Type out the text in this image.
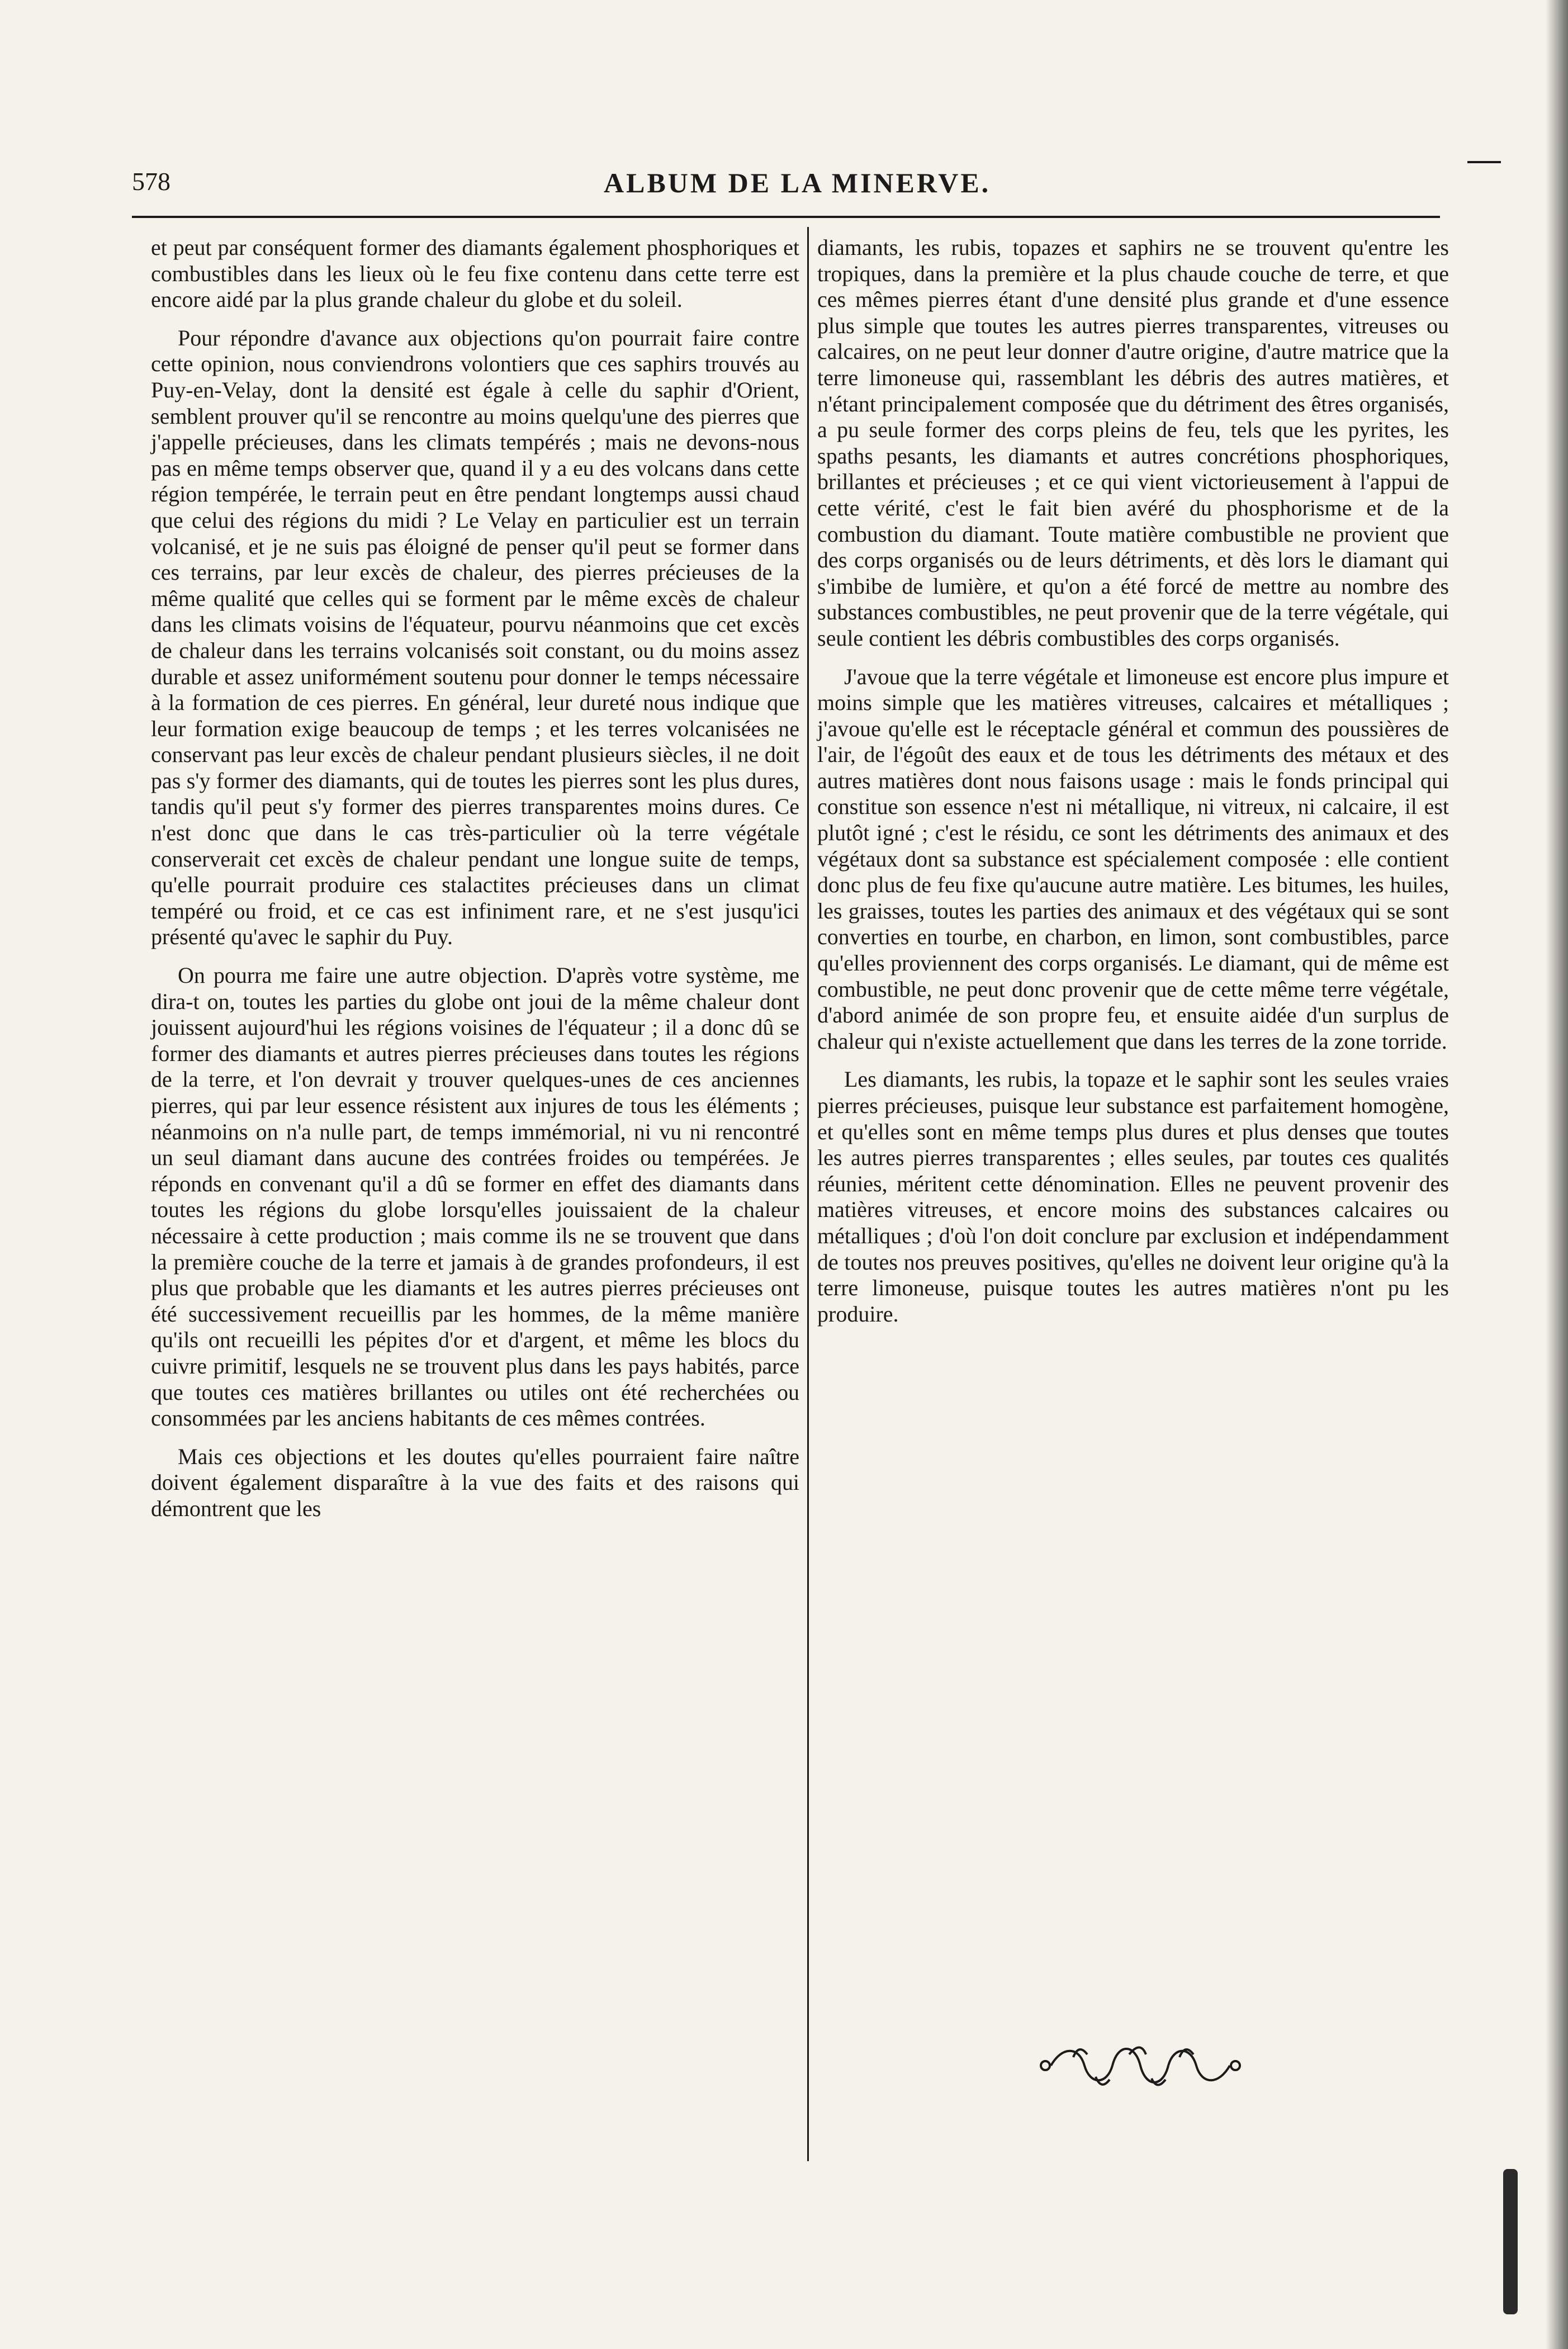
578	ALBUM DE LA MINERVE.

et peut par conséquent former des diamants également phosphoriques et combustibles dans les lieux où le feu fixe contenu dans cette terre est encore aidé par la plus grande chaleur du globe et du soleil.

Pour répondre d'avance aux objections qu'on pourrait faire contre cette opinion, nous conviendrons volontiers que ces saphirs trouvés au Puy-en-Velay, dont la densité est égale à celle du saphir d'Orient, semblent prouver qu'il se rencontre au moins quelqu'une des pierres que j'appelle précieuses, dans les climats tempérés ; mais ne devons-nous pas en même temps observer que, quand il y a eu des volcans dans cette région tempérée, le terrain peut en être pendant longtemps aussi chaud que celui des régions du midi ? Le Velay en particulier est un terrain volcanisé, et je ne suis pas éloigné de penser qu'il peut se former dans ces terrains, par leur excès de chaleur, des pierres précieuses de la même qualité que celles qui se forment par le même excès de chaleur dans les climats voisins de l'équateur, pourvu néanmoins que cet excès de chaleur dans les terrains volcanisés soit constant, ou du moins assez durable et assez uniformément soutenu pour donner le temps nécessaire à la formation de ces pierres. En général, leur dureté nous indique que leur formation exige beaucoup de temps ; et les terres volcanisées ne conservant pas leur excès de chaleur pendant plusieurs siècles, il ne doit pas s'y former des diamants, qui de toutes les pierres sont les plus dures, tandis qu'il peut s'y former des pierres transparentes moins dures. Ce n'est donc que dans le cas très-particulier où la terre végétale conserverait cet excès de chaleur pendant une longue suite de temps, qu'elle pourrait produire ces stalactites précieuses dans un climat tempéré ou froid, et ce cas est infiniment rare, et ne s'est jusqu'ici présenté qu'avec le saphir du Puy.

On pourra me faire une autre objection. D'après votre système, me dira-t on, toutes les parties du globe ont joui de la même chaleur dont jouissent aujourd'hui les régions voisines de l'équateur ; il a donc dû se former des diamants et autres pierres précieuses dans toutes les régions de la terre, et l'on devrait y trouver quelques-unes de ces anciennes pierres, qui par leur essence résistent aux injures de tous les éléments ; néanmoins on n'a nulle part, de temps immémorial, ni vu ni rencontré un seul diamant dans aucune des contrées froides ou tempérées. Je réponds en convenant qu'il a dû se former en effet des diamants dans toutes les régions du globe lorsqu'elles jouissaient de la chaleur nécessaire à cette production ; mais comme ils ne se trouvent que dans la première couche de la terre et jamais à de grandes profondeurs, il est plus que probable que les diamants et les autres pierres précieuses ont été successivement recueillis par les hommes, de la même manière qu'ils ont recueilli les pépites d'or et d'argent, et même les blocs du cuivre primitif, lesquels ne se trouvent plus dans les pays habités, parce que toutes ces matières brillantes ou utiles ont été recherchées ou consommées par les anciens habitants de ces mêmes contrées.

Mais ces objections et les doutes qu'elles pourraient faire naître doivent également disparaître à la vue des faits et des raisons qui démontrent que les

diamants, les rubis, topazes et saphirs ne se trouvent qu'entre les tropiques, dans la première et la plus chaude couche de terre, et que ces mêmes pierres étant d'une densité plus grande et d'une essence plus simple que toutes les autres pierres transparentes, vitreuses ou calcaires, on ne peut leur donner d'autre origine, d'autre matrice que la terre limoneuse qui, rassemblant les débris des autres matières, et n'étant principalement composée que du détriment des êtres organisés, a pu seule former des corps pleins de feu, tels que les pyrites, les spaths pesants, les diamants et autres concrétions phosphoriques, brillantes et précieuses ; et ce qui vient victorieusement à l'appui de cette vérité, c'est le fait bien avéré du phosphorisme et de la combustion du diamant. Toute matière combustible ne provient que des corps organisés ou de leurs détriments, et dès lors le diamant qui s'imbibe de lumière, et qu'on a été forcé de mettre au nombre des substances combustibles, ne peut provenir que de la terre végétale, qui seule contient les débris combustibles des corps organisés.

J'avoue que la terre végétale et limoneuse est encore plus impure et moins simple que les matières vitreuses, calcaires et métalliques ; j'avoue qu'elle est le réceptacle général et commun des poussières de l'air, de l'égoût des eaux et de tous les détriments des métaux et des autres matières dont nous faisons usage : mais le fonds principal qui constitue son essence n'est ni métallique, ni vitreux, ni calcaire, il est plutôt igné ; c'est le résidu, ce sont les détriments des animaux et des végétaux dont sa substance est spécialement composée : elle contient donc plus de feu fixe qu'aucune autre matière. Les bitumes, les huiles, les graisses, toutes les parties des animaux et des végétaux qui se sont converties en tourbe, en charbon, en limon, sont combustibles, parce qu'elles proviennent des corps organisés. Le diamant, qui de même est combustible, ne peut donc provenir que de cette même terre végétale, d'abord animée de son propre feu, et ensuite aidée d'un surplus de chaleur qui n'existe actuellement que dans les terres de la zone torride.

Les diamants, les rubis, la topaze et le saphir sont les seules vraies pierres précieuses, puisque leur substance est parfaitement homogène, et qu'elles sont en même temps plus dures et plus denses que toutes les autres pierres transparentes ; elles seules, par toutes ces qualités réunies, méritent cette dénomination. Elles ne peuvent provenir des matières vitreuses, et encore moins des substances calcaires ou métalliques ; d'où l'on doit conclure par exclusion et indépendamment de toutes nos preuves positives, qu'elles ne doivent leur origine qu'à la terre limoneuse, puisque toutes les autres matières n'ont pu les produire.
